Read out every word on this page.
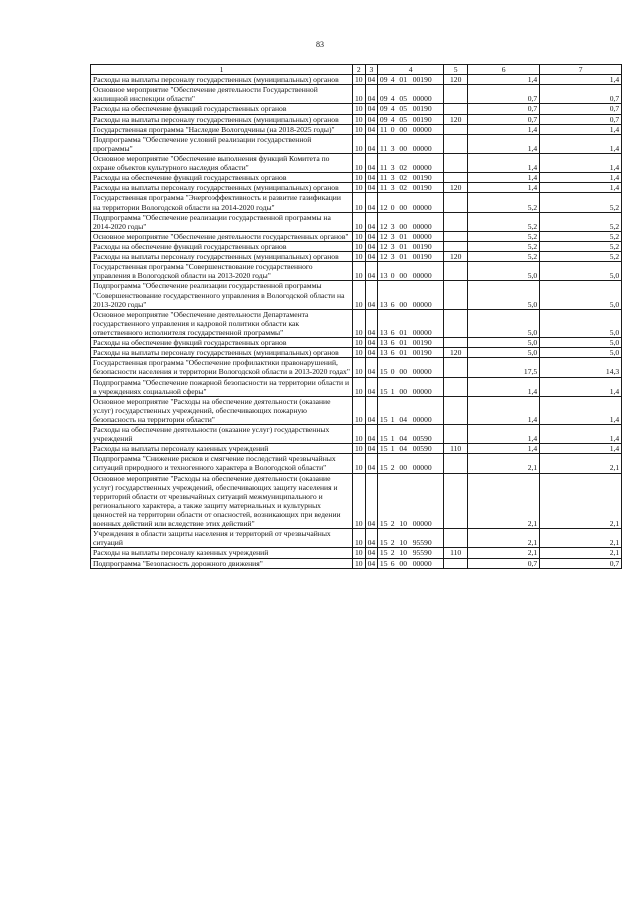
83
1	2	3	4	5	6	7
Расходы на выплаты персоналу государственных (муниципальных) органов	10	04	09 4 01 00190	120	1,4	1,4
Основное мероприятие "Обеспечение деятельности Государственной жилищной инспекции области"	10	04	09 4 05 00000		0,7	0,7
Расходы на обеспечение функций государственных органов	10	04	09 4 05 00190		0,7	0,7
Расходы на выплаты персоналу государственных (муниципальных) органов	10	04	09 4 05 00190	120	0,7	0,7
Государственная программа "Наследие Вологодчины (на 2018-2025 годы)"	10	04	11 0 00 00000		1,4	1,4
Подпрограмма "Обеспечение условий реализации государственной программы"	10	04	11 3 00 00000		1,4	1,4
Основное мероприятие "Обеспечение выполнения функций Комитета по охране объектов культурного наследия области"	10	04	11 3 02 00000		1,4	1,4
Расходы на обеспечение функций государственных органов	10	04	11 3 02 00190		1,4	1,4
Расходы на выплаты персоналу государственных (муниципальных) органов	10	04	11 3 02 00190	120	1,4	1,4
Государственная программа "Энергоэффективность и развитие газификации на территории Вологодской области на 2014-2020 годы"	10	04	12 0 00 00000		5,2	5,2
Подпрограмма "Обеспечение реализации государственной программы на 2014-2020 годы"	10	04	12 3 00 00000		5,2	5,2
Основное мероприятие "Обеспечение деятельности государственных органов"	10	04	12 3 01 00000		5,2	5,2
Расходы на обеспечение функций государственных органов	10	04	12 3 01 00190		5,2	5,2
Расходы на выплаты персоналу государственных (муниципальных) органов	10	04	12 3 01 00190	120	5,2	5,2
Государственная программа "Совершенствование государственного управления в Вологодской области на 2013-2020 годы"	10	04	13 0 00 00000		5,0	5,0
Подпрограмма "Обеспечение реализации государственной программы "Совершенствование государственного управления в Вологодской области на 2013-2020 годы"	10	04	13 6 00 00000		5,0	5,0
Основное мероприятие "Обеспечение деятельности Департамента государственного управления и кадровой политики области как ответственного исполнителя государственной программы"	10	04	13 6 01 00000		5,0	5,0
Расходы на обеспечение функций государственных органов	10	04	13 6 01 00190		5,0	5,0
Расходы на выплаты персоналу государственных (муниципальных) органов	10	04	13 6 01 00190	120	5,0	5,0
Государственная программа "Обеспечение профилактики правонарушений, безопасности населения и территории Вологодской области в 2013-2020 годах"	10	04	15 0 00 00000		17,5	14,3
Подпрограмма "Обеспечение пожарной безопасности на территории области и в учреждениях социальной сферы"	10	04	15 1 00 00000		1,4	1,4
Основное мероприятие "Расходы на обеспечение деятельности (оказание услуг) государственных учреждений, обеспечивающих пожарную безопасность на территории области"	10	04	15 1 04 00000		1,4	1,4
Расходы на обеспечение деятельности (оказание услуг) государственных учреждений	10	04	15 1 04 00590		1,4	1,4
Расходы на выплаты персоналу казенных учреждений	10	04	15 1 04 00590	110	1,4	1,4
Подпрограмма "Снижение рисков и смягчение последствий чрезвычайных ситуаций природного и техногенного характера в Вологодской области"	10	04	15 2 00 00000		2,1	2,1
Основное мероприятие "Расходы на обеспечение деятельности (оказание услуг) государственных учреждений, обеспечивающих защиту населения и территорий области от чрезвычайных ситуаций межмуниципального и регионального характера, а также защиту материальных и культурных ценностей на территории области от опасностей, возникающих при ведении военных действий или вследствие этих действий"	10	04	15 2 10 00000		2,1	2,1
Учреждения в области защиты населения и территорий от чрезвычайных ситуаций	10	04	15 2 10 95590		2,1	2,1
Расходы на выплаты персоналу казенных учреждений	10	04	15 2 10 95590	110	2,1	2,1
Подпрограмма "Безопасность дорожного движения"	10	04	15 6 00 00000		0,7	0,7
